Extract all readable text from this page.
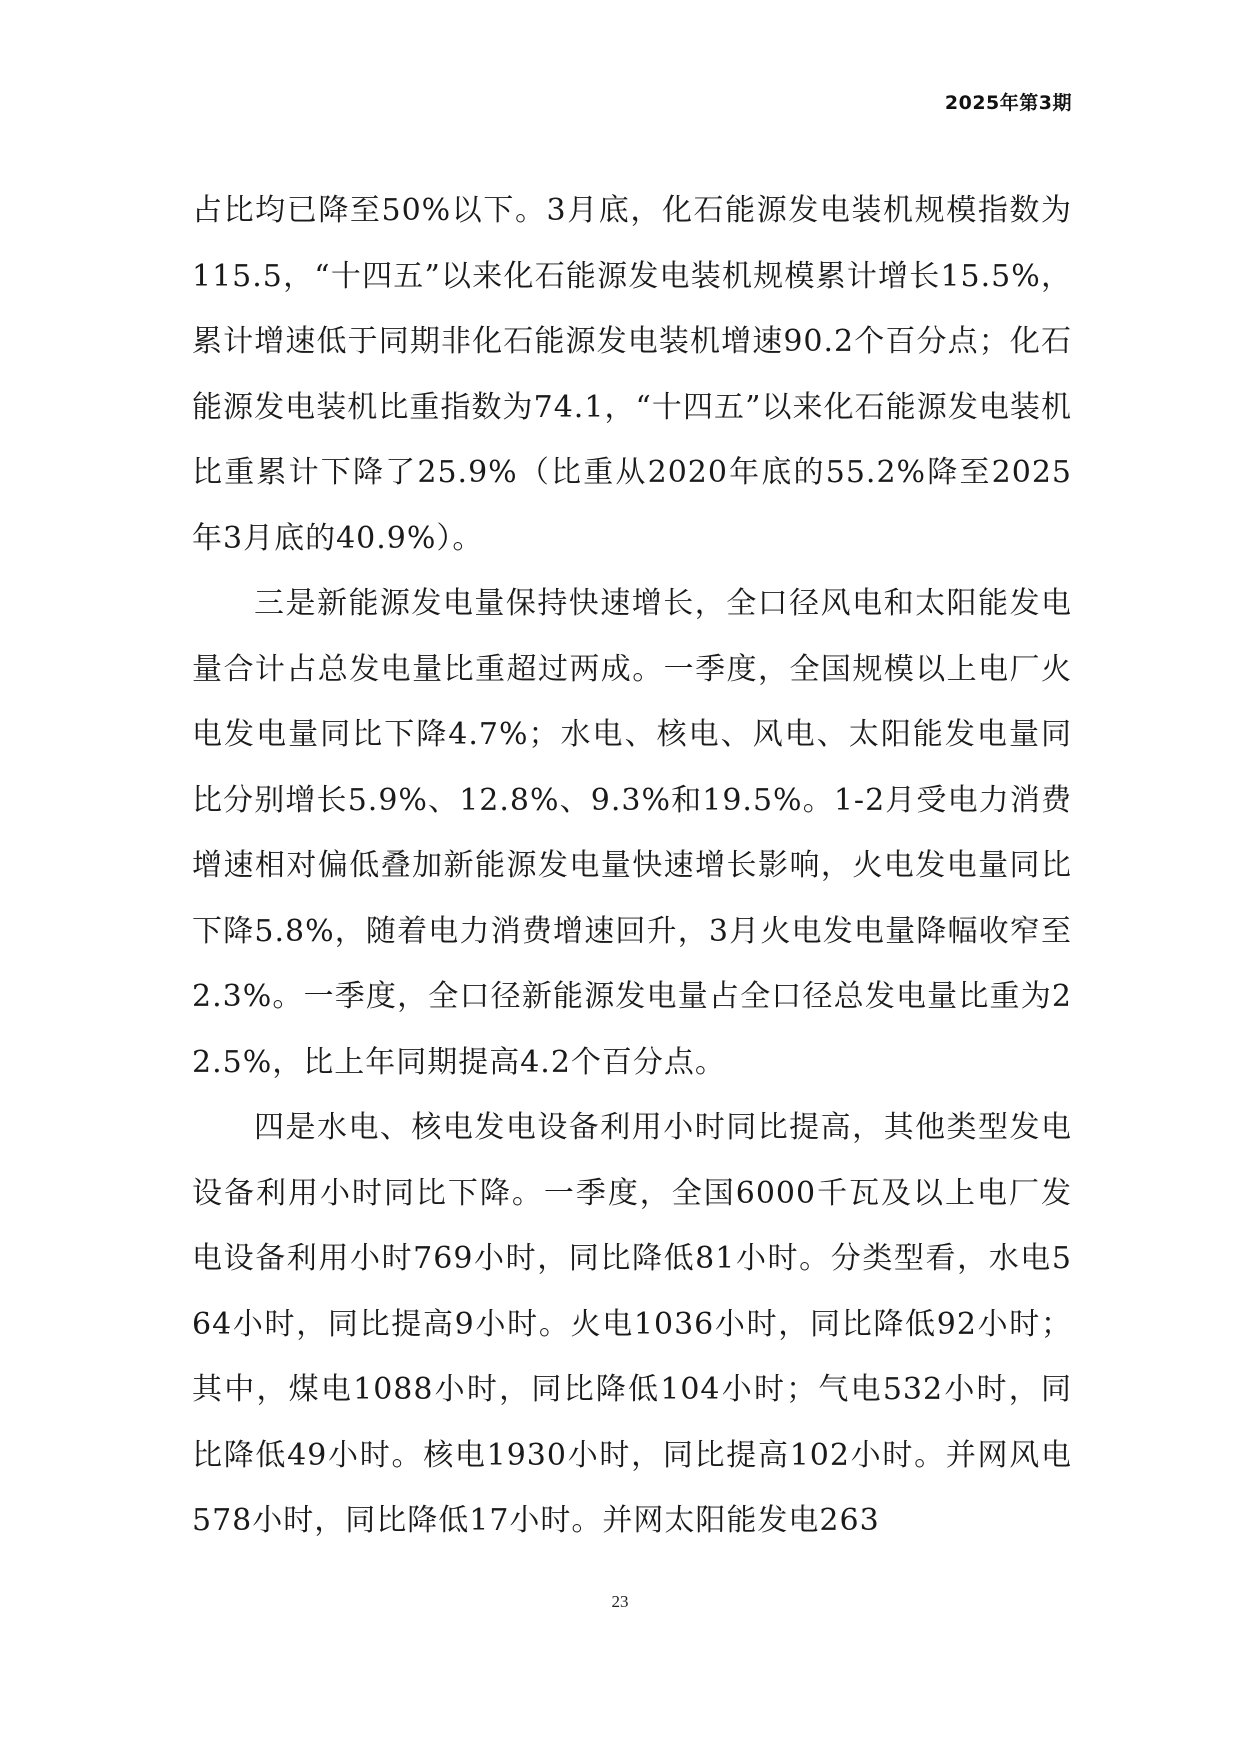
2025年第3期

占比均已降至50%以下。3月底，化石能源发电装机规模指数为 115.5，“十四五”以来化石能源发电装机规模累计增长15.5%，累计增速低于同期非化石能源发电装机增速90.2个百分点；化石能源发电装机比重指数为74.1，“十四五”以来化石能源发电装机比重累计下降了25.9%（比重从2020年底的55.2%降至2025年3月底的40.9%）。

三是新能源发电量保持快速增长，全口径风电和太阳能发电量合计占总发电量比重超过两成。一季度，全国规模以上电厂火电发电量同比下降4.7%；水电、核电、风电、太阳能发电量同比分别增长5.9%、12.8%、9.3%和19.5%。1-2月受电力消费增速相对偏低叠加新能源发电量快速增长影响，火电发电量同比下降5.8%，随着电力消费增速回升，3月火电发电量降幅收窄至2.3%。一季度，全口径新能源发电量占全口径总发电量比重为22.5%，比上年同期提高4.2个百分点。

四是水电、核电发电设备利用小时同比提高，其他类型发电设备利用小时同比下降。一季度，全国6000千瓦及以上电厂发电设备利用小时769小时，同比降低81小时。分类型看，水电564小时，同比提高9小时。火电1036小时，同比降低92小时；其中，煤电1088小时，同比降低104小时；气电532小时，同比降低49小时。核电1930小时，同比提高102小时。并网风电578小时，同比降低17小时。并网太阳能发电263

23
